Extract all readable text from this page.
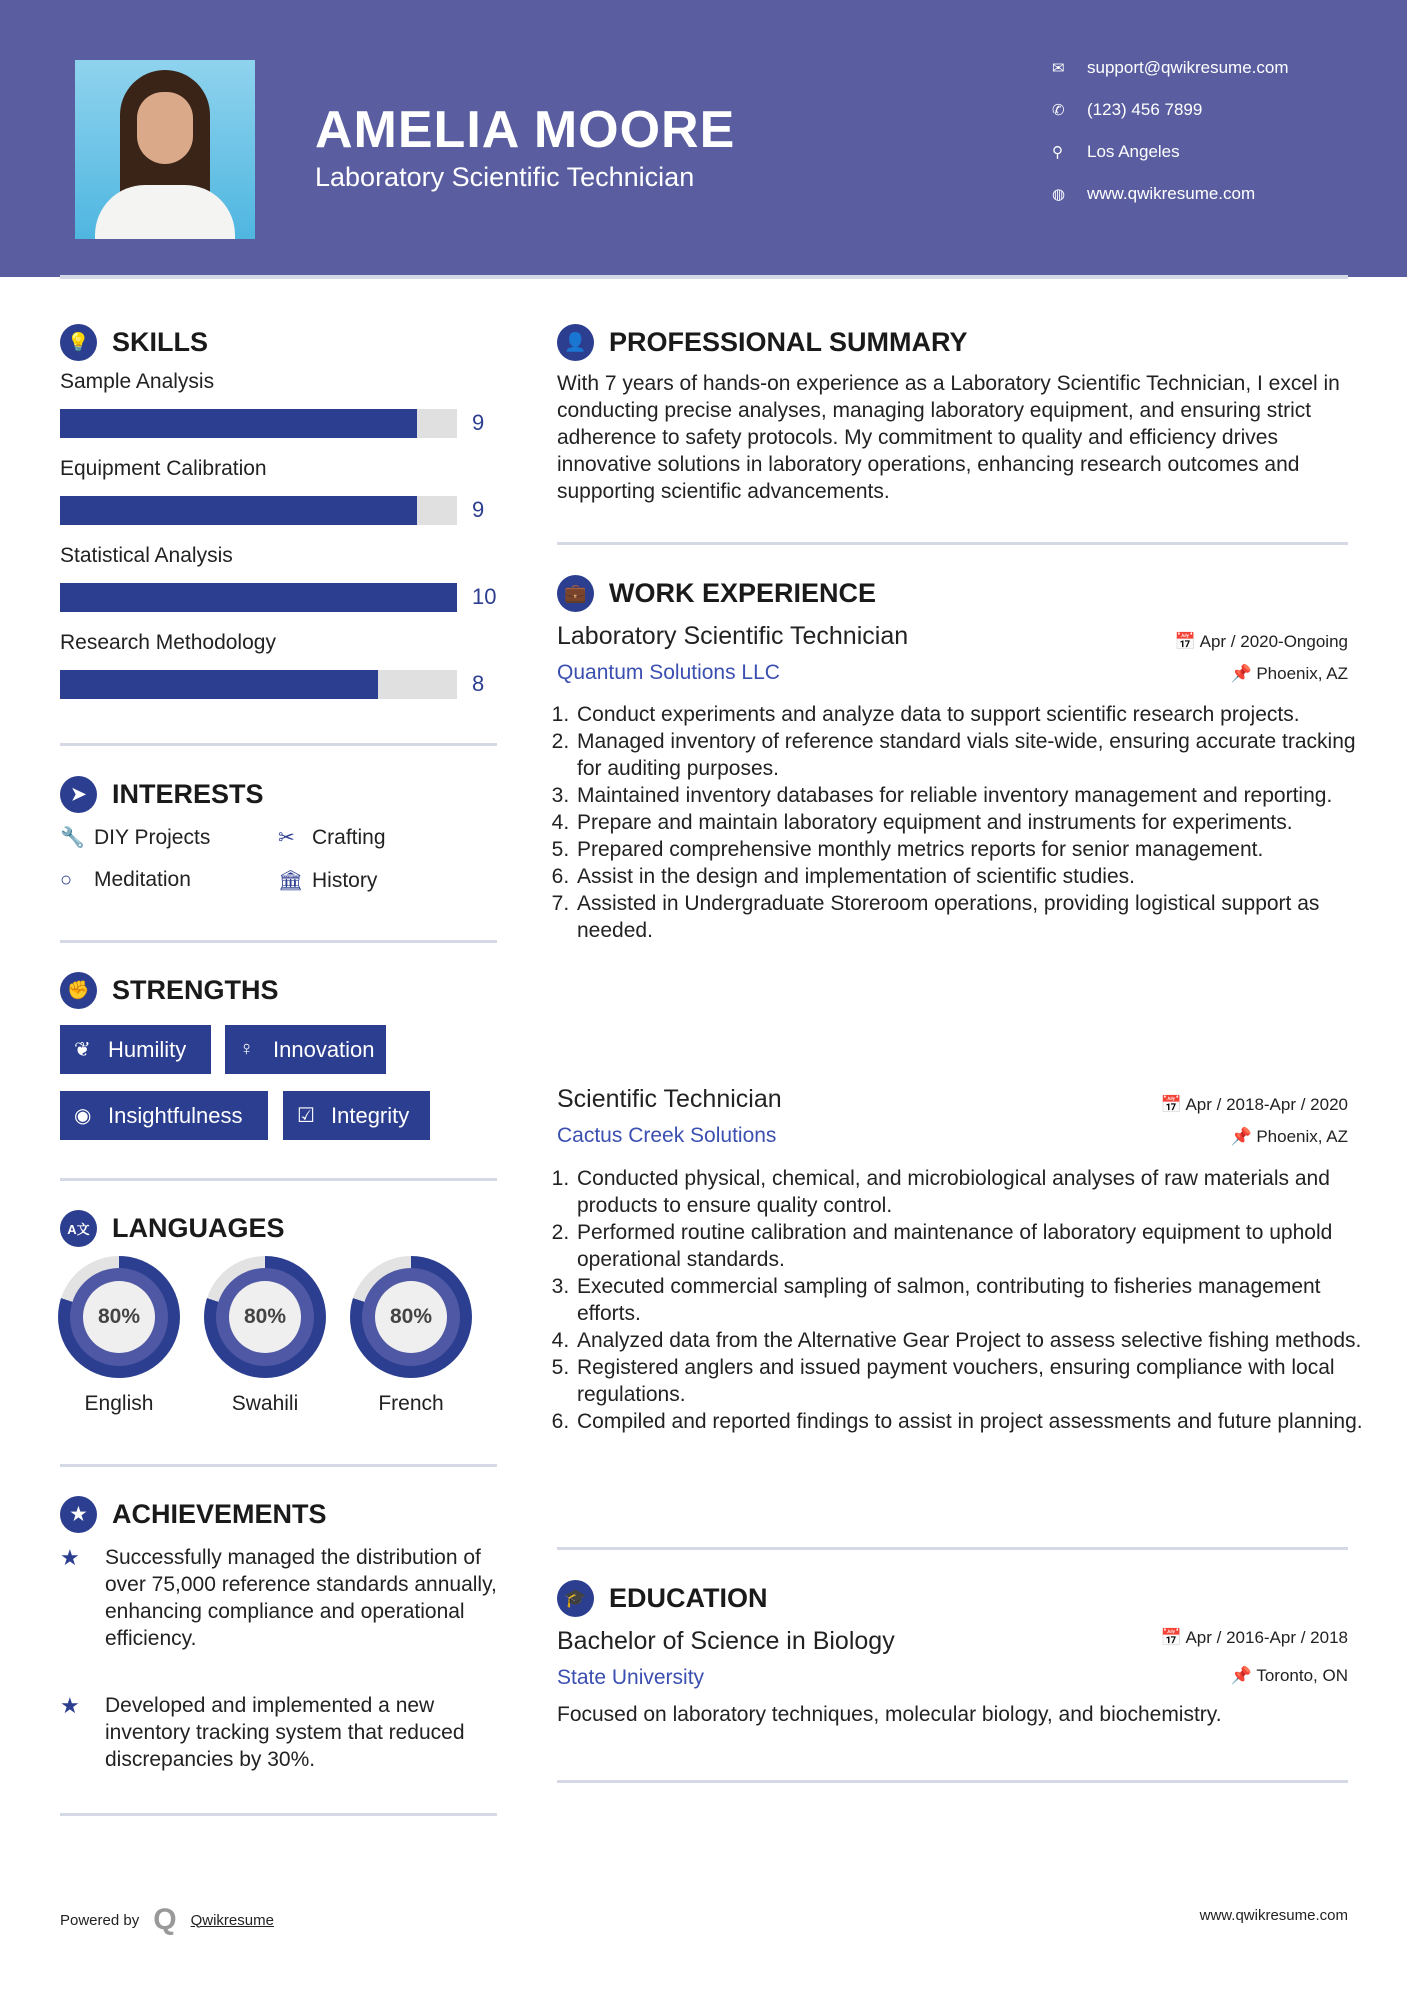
AMELIA MOORE
Laboratory Scientific Technician
✉	support@qwikresume.com
✆	(123) 456 7899
⚲	Los Angeles
◍	www.qwikresume.com
💡 SKILLS
Sample Analysis
9
Equipment Calibration
9
Statistical Analysis
10
Research Methodology
8
➤ INTERESTS
🔧 DIY Projects	✂ Crafting
○	Meditation	🏛 History
✊ STRENGTHS
❦ Humility	♀ Innovation
◉ Insightfulness	☑ Integrity
A文 LANGUAGES
80%
English
80%
Swahili
80%
French
★ ACHIEVEMENTS
★	Successfully managed the distribution of over 75,000 reference standards annually, enhancing compliance and operational efficiency.
★	Developed and implemented a new inventory tracking system that reduced discrepancies by 30%.
👤 PROFESSIONAL SUMMARY
With 7 years of hands-on experience as a Laboratory Scientific Technician, I excel in conducting precise analyses, managing laboratory equipment, and ensuring strict adherence to safety protocols. My commitment to quality and efficiency drives innovative solutions in laboratory operations, enhancing research outcomes and supporting scientific advancements.
💼 WORK EXPERIENCE
Laboratory Scientific Technician
Quantum Solutions LLC
📅 Apr / 2020-Ongoing
📌 Phoenix, AZ
1. Conduct experiments and analyze data to support scientific research projects.
2. Managed inventory of reference standard vials site-wide, ensuring accurate tracking for auditing purposes.
3. Maintained inventory databases for reliable inventory management and reporting.
4. Prepare and maintain laboratory equipment and instruments for experiments.
5. Prepared comprehensive monthly metrics reports for senior management.
6. Assist in the design and implementation of scientific studies.
7. Assisted in Undergraduate Storeroom operations, providing logistical support as needed.
Scientific Technician
Cactus Creek Solutions
📅 Apr / 2018-Apr / 2020
📌 Phoenix, AZ
1. Conducted physical, chemical, and microbiological analyses of raw materials and products to ensure quality control.
2. Performed routine calibration and maintenance of laboratory equipment to uphold operational standards.
3. Executed commercial sampling of salmon, contributing to fisheries management efforts.
4. Analyzed data from the Alternative Gear Project to assess selective fishing methods.
5. Registered anglers and issued payment vouchers, ensuring compliance with local regulations.
6. Compiled and reported findings to assist in project assessments and future planning.
🎓 EDUCATION
Bachelor of Science in Biology
State University
📅 Apr / 2016-Apr / 2018
📌 Toronto, ON
Focused on laboratory techniques, molecular biology, and biochemistry.
Powered by Q Qwikresume	www.qwikresume.com
